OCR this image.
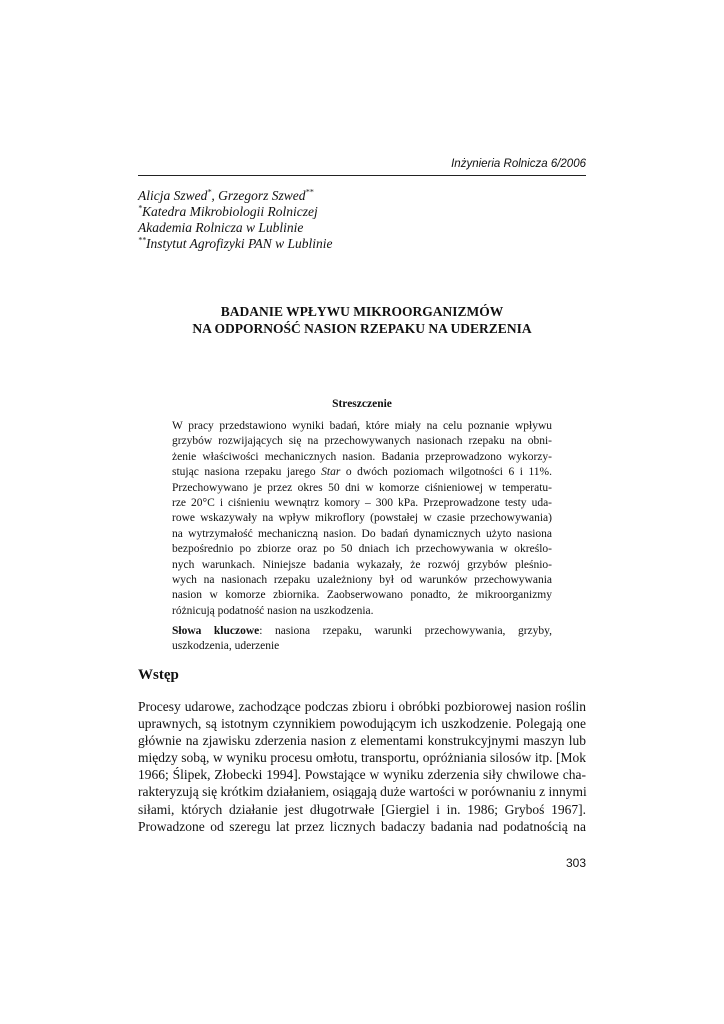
Inżynieria Rolnicza 6/2006
Alicja Szwed*, Grzegorz Szwed**
*Katedra Mikrobiologii Rolniczej
Akademia Rolnicza w Lublinie
**Instytut Agrofizyki PAN w Lublinie
BADANIE WPŁYWU MIKROORGANIZMÓW
NA ODPORNOŚĆ NASION RZEPAKU NA UDERZENIA
Streszczenie
W pracy przedstawiono wyniki badań, które miały na celu poznanie wpływu
grzybów rozwijających się na przechowywanych nasionach rzepaku na obni-
żenie właściwości mechanicznych nasion. Badania przeprowadzono wykorzy-
stując nasiona rzepaku jarego Star o dwóch poziomach wilgotności 6 i 11%.
Przechowywano je przez okres 50 dni w komorze ciśnieniowej w temperatu-
rze 20°C i ciśnieniu wewnątrz komory – 300 kPa. Przeprowadzone testy uda-
rowe wskazywały na wpływ mikroflory (powstałej w czasie przechowywania)
na wytrzymałość mechaniczną nasion. Do badań dynamicznych użyto nasiona
bezpośrednio po zbiorze oraz po 50 dniach ich przechowywania w określo-
nych warunkach. Niniejsze badania wykazały, że rozwój grzybów pleśnio-
wych na nasionach rzepaku uzależniony był od warunków przechowywania
nasion w komorze zbiornika. Zaobserwowano ponadto, że mikroorganizmy
różnicują podatność nasion na uszkodzenia.
Słowa kluczowe: nasiona rzepaku, warunki przechowywania, grzyby,
uszkodzenia, uderzenie
Wstęp
Procesy udarowe, zachodzące podczas zbioru i obróbki pozbiorowej nasion roślin
uprawnych, są istotnym czynnikiem powodującym ich uszkodzenie. Polegają one
głównie na zjawisku zderzenia nasion z elementami konstrukcyjnymi maszyn lub
między sobą, w wyniku procesu omłotu, transportu, opróżniania silosów itp. [Mok
1966; Ślipek, Złobecki 1994]. Powstające w wyniku zderzenia siły chwilowe cha-
rakteryzują się krótkim działaniem, osiągają duże wartości w porównaniu z innymi
siłami, których działanie jest długotrwałe [Giergiel i in. 1986; Gryboś 1967].
Prowadzone od szeregu lat przez licznych badaczy badania nad podatnością na
303
